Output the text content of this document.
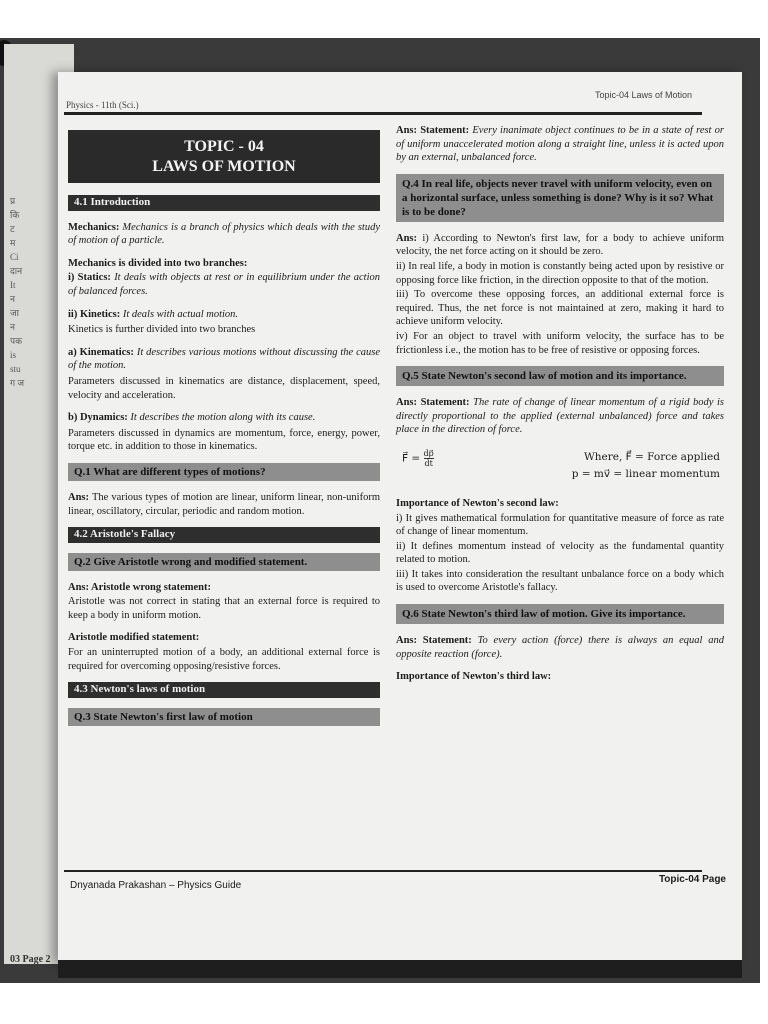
प्र
कि
ट
म
Ci
दान
It
न
जा
न
पक
is
stu
ग ज
03 Page 2
Physics - 11th (Sci.)
Topic-04 Laws of Motion
TOPIC - 04
LAWS OF MOTION
4.1 Introduction

Mechanics: Mechanics is a branch of physics which deals with the study of motion of a particle.

Mechanics is divided into two branches:

i) Statics: It deals with objects at rest or in equilibrium under the action of balanced forces.

ii) Kinetics: It deals with actual motion.

Kinetics is further divided into two branches

a) Kinematics: It describes various motions without discussing the cause of the motion.

Parameters discussed in kinematics are distance, displacement, speed, velocity and acceleration.

b) Dynamics: It describes the motion along with its cause.

Parameters discussed in dynamics are momentum, force, energy, power, torque etc. in addition to those in kinematics.

Q.1 What are different types of motions?

Ans: The various types of motion are linear, uniform linear, non-uniform linear, oscillatory, circular, periodic and random motion.

4.2 Aristotle's Fallacy
Q.2 Give Aristotle wrong and modified statement.
Ans: Aristotle wrong statement:

Aristotle was not correct in stating that an external force is required to keep a body in uniform motion.

Aristotle modified statement:

For an uninterrupted motion of a body, an additional external force is required for overcoming opposing/resistive forces.

4.3 Newton's laws of motion
Q.3 State Newton's first law of motion

Ans: Statement: Every inanimate object continues to be in a state of rest or of uniform unaccelerated motion along a straight line, unless it is acted upon by an external, unbalanced force.

Q.4 In real life, objects never travel with uniform velocity, even on a horizontal surface, unless something is done? Why is it so? What is to be done?

Ans: i) According to Newton's first law, for a body to achieve uniform velocity, the net force acting on it should be zero.

ii) In real life, a body in motion is constantly being acted upon by resistive or opposing force like friction, in the direction opposite to that of the motion.

iii) To overcome these opposing forces, an additional external force is required. Thus, the net force is not maintained at zero, making it hard to achieve uniform velocity.

iv) For an object to travel with uniform velocity, the surface has to be frictionless i.e., the motion has to be free of resistive or opposing forces.

Q.5 State Newton's second law of motion and its importance.

Ans: Statement: The rate of change of linear momentum of a rigid body is directly proportional to the applied (external unbalanced) force and takes place in the direction of force.

F⃗ = $\frac{dp⃗}{dt}$	Where, F⃗ = Force applied
p = mv⃗ = linear momentum
Importance of Newton's second law:

i) It gives mathematical formulation for quantitative measure of force as rate of change of linear momentum.

ii) It defines momentum instead of velocity as the fundamental quantity related to motion.

iii) It takes into consideration the resultant unbalance force on a body which is used to overcome Aristotle's fallacy.

Q.6 State Newton's third law of motion. Give its importance.

Ans: Statement: To every action (force) there is always an equal and opposite reaction (force).

Importance of Newton's third law:
Dnyanada Prakashan – Physics Guide
Topic-04 Page
